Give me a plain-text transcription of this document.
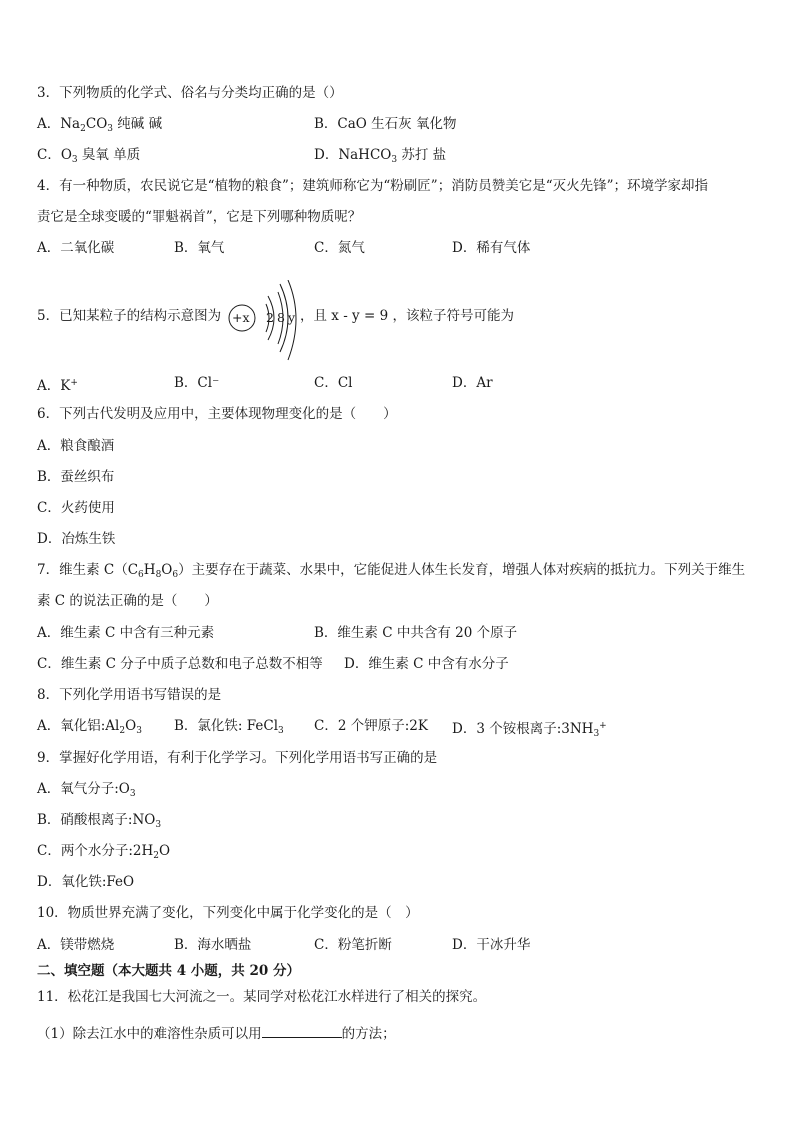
3．下列物质的化学式、俗名与分类均正确的是（）
A．$Na_2CO_3$ 纯碱 碱	B．CaO 生石灰 氧化物
C．$O_3$ 臭氧 单质	D．NaHCO$_3$ 苏打 盐
4．有一种物质，农民说它是“植物的粮食”；建筑师称它为“粉刷匠”；消防员赞美它是“灭火先锋”；环境学家却指
责它是全球变暖的“罪魁祸首”，它是下列哪种物质呢？
A．二氧化碳	B．氧气	C．氮气	D．稀有气体
5．已知某粒子的结构示意图为 +x 2 8 y ，且 x - y = 9 ，该粒子符号可能为
A．K+	B．Cl⁻	C．Cl	D．Ar
6．下列古代发明及应用中，主要体现物理变化的是（　　）
A．粮食酿酒
B．蚕丝织布
C．火药使用
D．冶炼生铁
7．维生素 $C(C_6H_8O_6)$主要存在于蔬菜、水果中，它能促进人体生长发育，增强人体对疾病的抵抗力。下列关于维生
素 C 的说法正确的是（　　）
A．维生素 C 中含有三种元素	B．维生素 C 中共含有 20 个原子
C．维生素 C 分子中质子总数和电子总数不相等 D．维生素 C 中含有水分子
8．下列化学用语书写错误的是
A．氧化铝$:Al_2O_3$ B．氯化铁: FeCl$_3$ C．2 个钾原子:2K D．3 个铵根离子$:3NH_3^+$
9．掌握好化学用语，有利于化学学习。下列化学用语书写正确的是
A．氧气分子$:O_3$
B．硝酸根离子$:NO_3$
C．两个水分子$:2H_2O$
D．氧化铁:FeO
10．物质世界充满了变化，下列变化中属于化学变化的是（　）
A．镁带燃烧	B．海水晒盐	C．粉笔折断	D．干冰升华
二、填空题（本大题共 4 小题，共 20 分）
11．松花江是我国七大河流之一。某同学对松花江水样进行了相关的探究。
（1）除去江水中的难溶性杂质可以用	的方法；
